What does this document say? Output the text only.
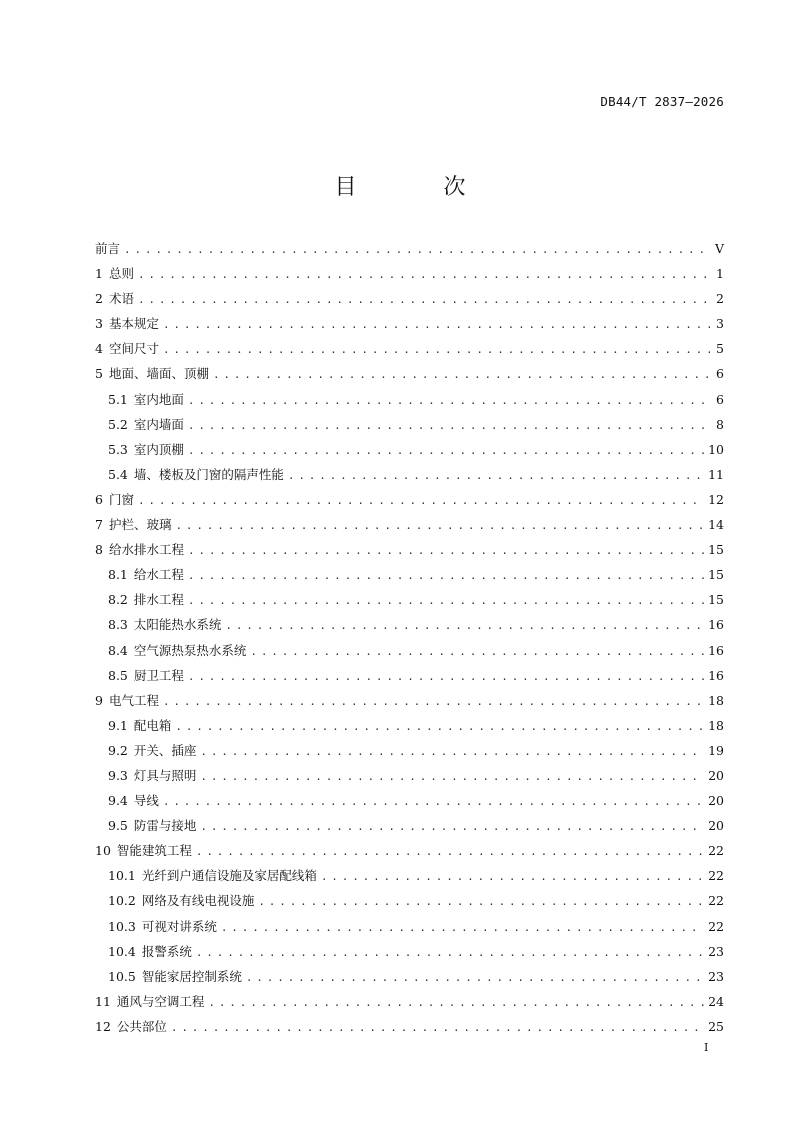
DB44/T 2837—2026
目 次
前言 . . .	V
1 总则 . . .	1
2 术语 . . .	2
3 基本规定 . . .	3
4 空间尺寸 . . .	5
5 地面、墙面、顶棚 . . .	6
5.1 室内地面 . . .	6
5.2 室内墙面 . . .	8
5.3 室内顶棚 . . .	10
5.4 墙、楼板及门窗的隔声性能 . . .	11
6 门窗 . . .	12
7 护栏、玻璃 . . .	14
8 给水排水工程 . . .	15
8.1 给水工程 . . .	15
8.2 排水工程 . . .	15
8.3 太阳能热水系统 . . .	16
8.4 空气源热泵热水系统 . . .	16
8.5 厨卫工程 . . .	16
9 电气工程 . . .	18
9.1 配电箱 . . .	18
9.2 开关、插座 . . .	19
9.3 灯具与照明 . . .	20
9.4 导线 . . .	20
9.5 防雷与接地 . . .	20
10 智能建筑工程 . . .	22
10.1 光纤到户通信设施及家居配线箱 . . .	22
10.2 网络及有线电视设施 . . .	22
10.3 可视对讲系统 . . .	22
10.4 报警系统 . . .	23
10.5 智能家居控制系统 . . .	23
11 通风与空调工程 . . .	24
12 公共部位 . . .	25
I
